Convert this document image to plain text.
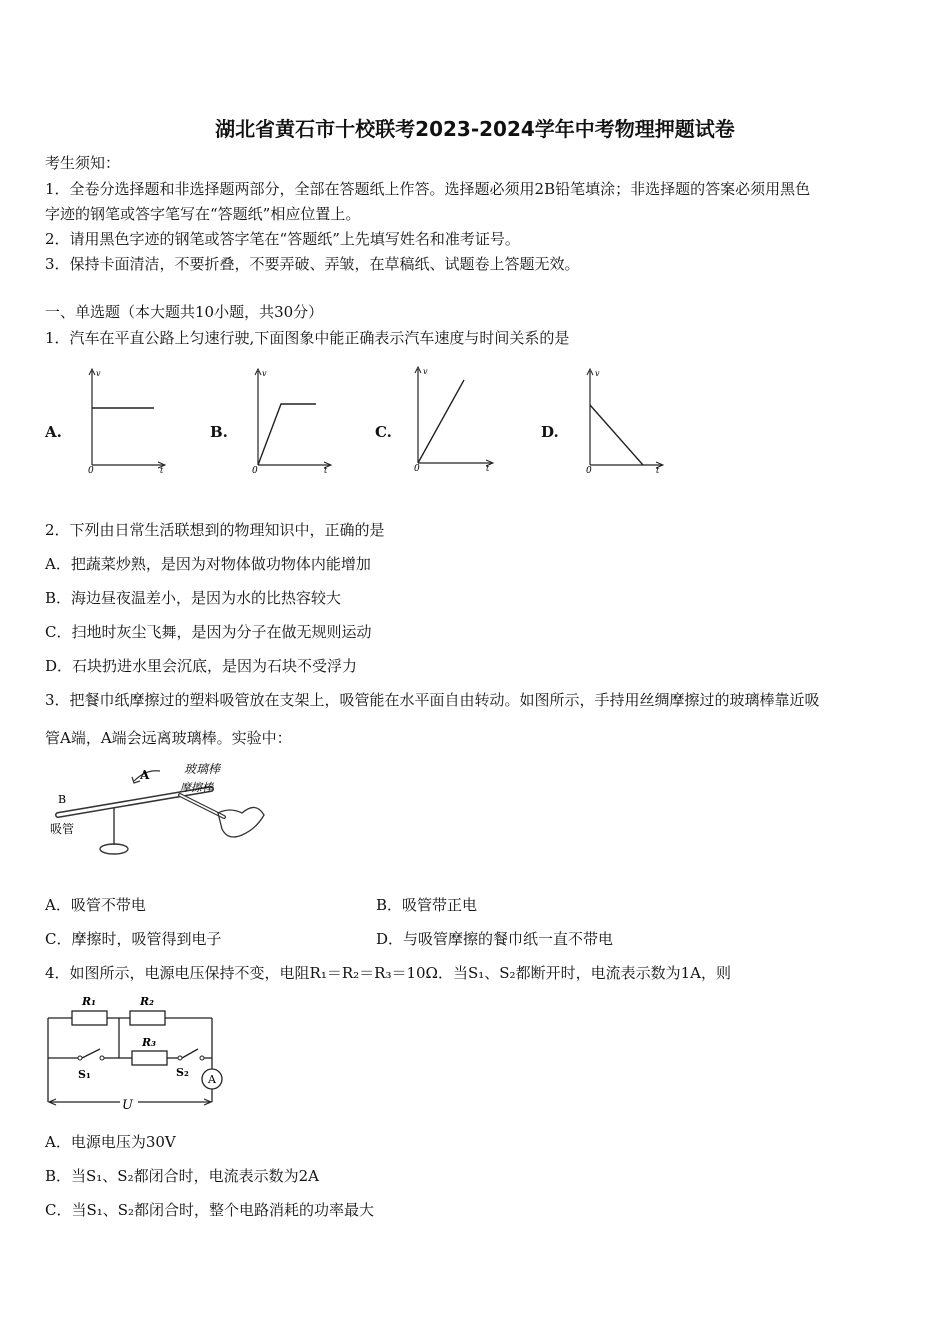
湖北省黄石市十校联考2023-2024学年中考物理押题试卷
考生须知：
1．全卷分选择题和非选择题两部分，全部在答题纸上作答。选择题必须用2B铅笔填涂；非选择题的答案必须用黑色
字迹的钢笔或答字笔写在“答题纸”相应位置上。
2．请用黑色字迹的钢笔或答字笔在“答题纸”上先填写姓名和准考证号。
3．保持卡面清洁，不要折叠，不要弄破、弄皱，在草稿纸、试题卷上答题无效。
一、单选题（本大题共10小题，共30分）
1．汽车在平直公路上匀速行驶,下面图象中能正确表示汽车速度与时间关系的是
A.	B.	C.	D.
v
t
0
v
t
0
v
t
0
v
t
0
2．下列由日常生活联想到的物理知识中，正确的是
A．把蔬菜炒熟，是因为对物体做功物体内能增加
B．海边昼夜温差小，是因为水的比热容较大
C．扫地时灰尘飞舞，是因为分子在做无规则运动
D．石块扔进水里会沉底，是因为石块不受浮力
3．把餐巾纸摩擦过的塑料吸管放在支架上，吸管能在水平面自由转动。如图所示，手持用丝绸摩擦过的玻璃棒靠近吸
管A端，A端会远离玻璃棒。实验中：
A
B
吸管
玻璃棒
摩擦棒
A．吸管不带电	B．吸管带正电
C．摩擦时，吸管得到电子	D．与吸管摩擦的餐巾纸一直不带电
4．如图所示，电源电压保持不变，电阻R₁＝R₂＝R₃＝10Ω．当S₁、S₂都断开时，电流表示数为1A，则
R₁	R₂
S₁
R₃
S₂
A
U
A．电源电压为30V
B．当S₁、S₂都闭合时，电流表示数为2A
C．当S₁、S₂都闭合时，整个电路消耗的功率最大
